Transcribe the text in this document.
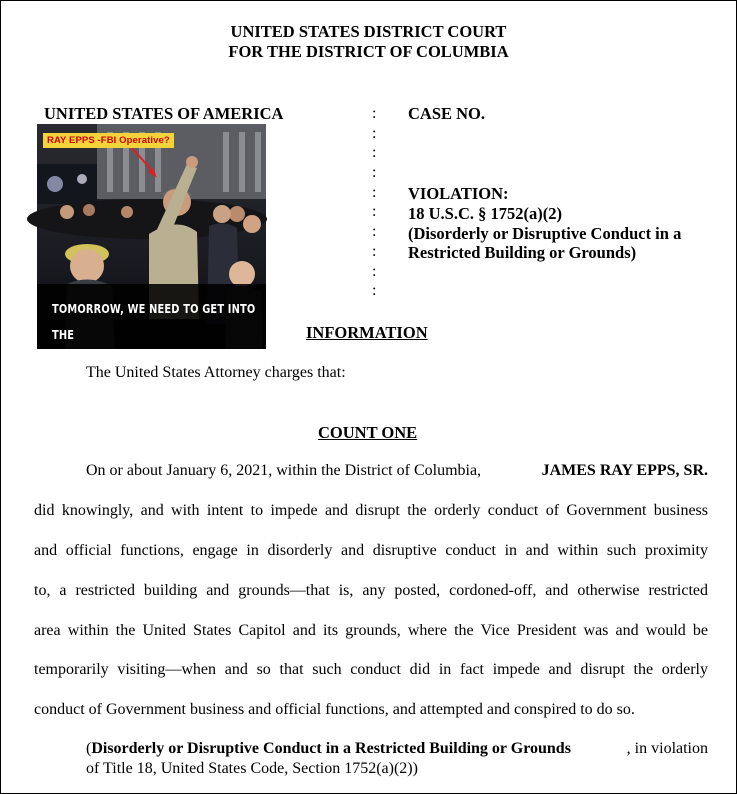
UNITED STATES DISTRICT COURT
FOR THE DISTRICT OF COLUMBIA
UNITED STATES OF AMERICA	:
:
:
:
:
:
:
:
:
:
CASE NO.
VIOLATION:
18 U.S.C. § 1752(a)(2)
(Disorderly or Disruptive Conduct in a
Restricted Building or Grounds)
RAY EPPS -FBI Operative?
TOMORROW, WE NEED TO GET INTO THE
CAPITOL, INTO THE CAPITOL!
INFORMATION
The United States Attorney charges that:
COUNT ONE
On or about January 6, 2021, within the District of Columbia,	JAMES RAY EPPS, SR.
did knowingly, and with intent to impede and disrupt the orderly conduct of Government business
and official functions, engage in disorderly and disruptive conduct in and within such proximity
to, a restricted building and grounds—that is, any posted, cordoned-off, and otherwise restricted
area within the United States Capitol and its grounds, where the Vice President was and would be
temporarily visiting—when and so that such conduct did in fact impede and disrupt the orderly
conduct of Government business and official functions, and attempted and conspired to do so.
( Disorderly or Disruptive Conduct in a Restricted Building or Grounds	, in violation
of Title 18, United States Code, Section 1752(a)(2))
